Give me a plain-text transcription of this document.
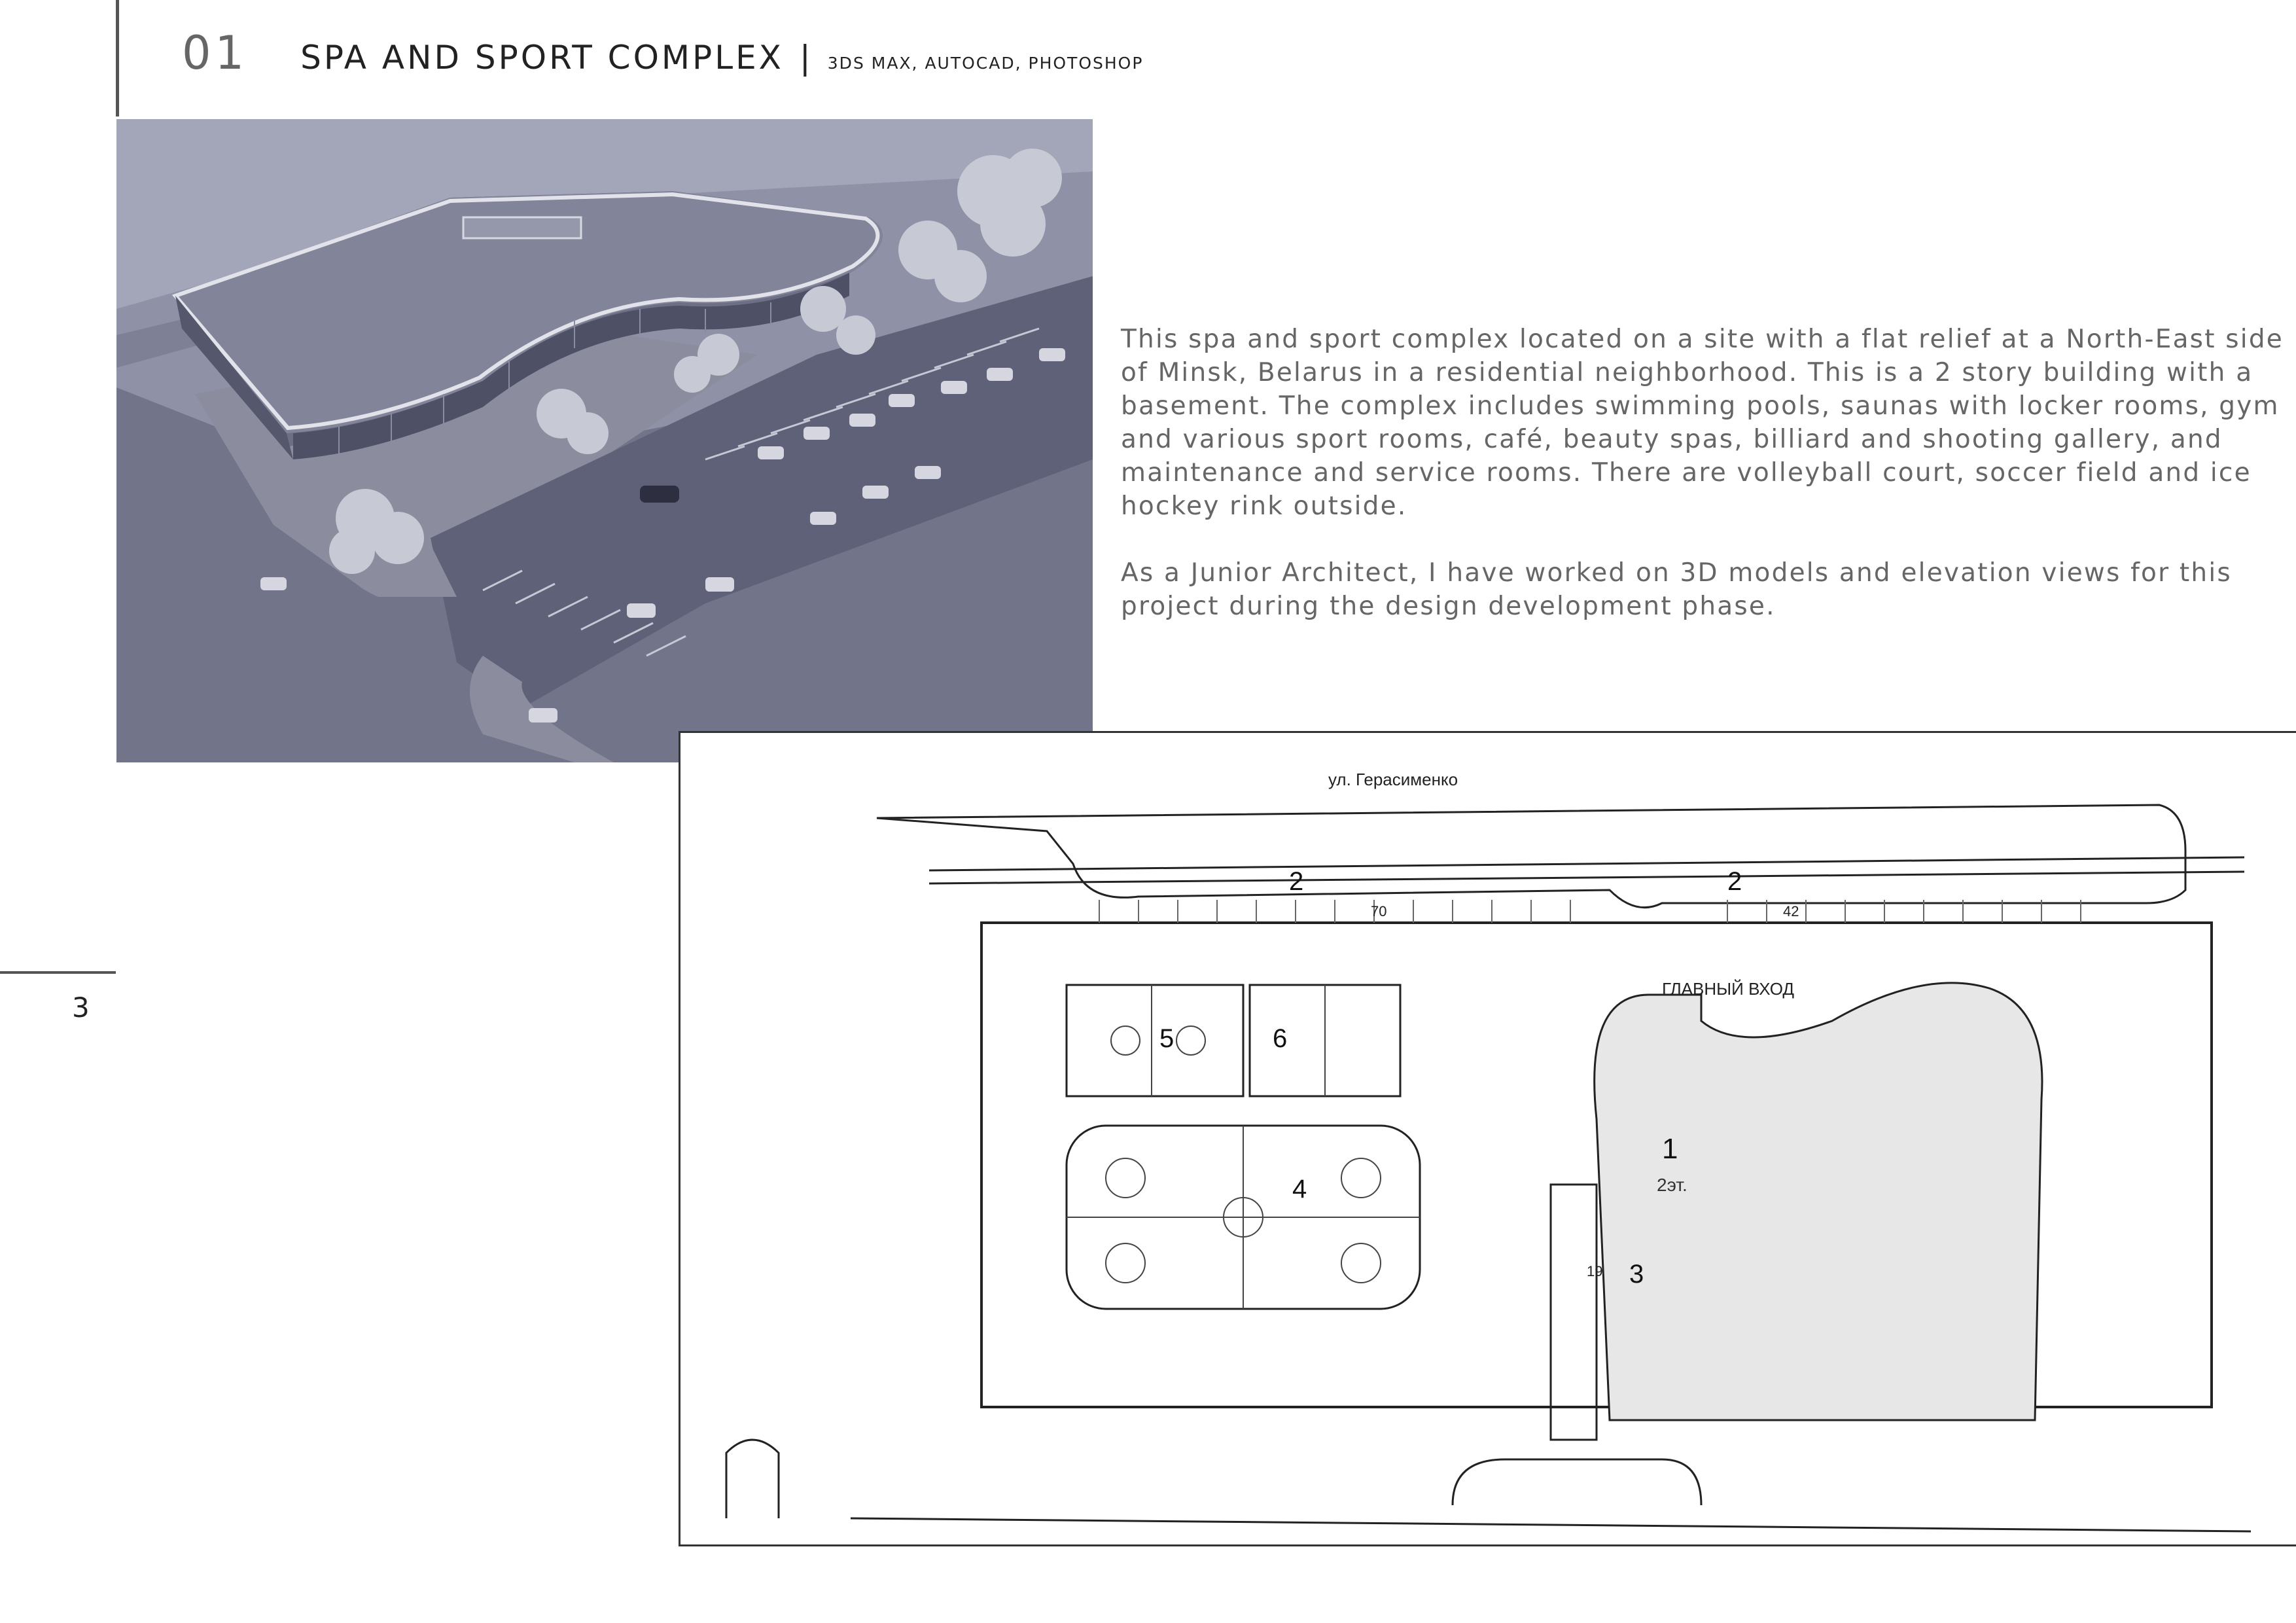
01 SPA AND SPORT COMPLEX | 3DS MAX, AUTOCAD, PHOTOSHOP

This spa and sport complex located on a site with a flat relief at a North-East side of Minsk, Belarus in a residential neighborhood. This is a 2 story building with a basement. The complex includes swimming pools, saunas with locker rooms, gym and various sport rooms, café, beauty spas, billiard and shooting gallery, and maintenance and service rooms. There are volleyball court, soccer field and ice hockey rink outside.

As a Junior Architect, I have worked on 3D models and elevation views for this project during the design development phase.

ул. Герасименко
ГЛАВНЫЙ ВХОД
1
2эт.
2	2
3
5	6
4
70	42
19
3
